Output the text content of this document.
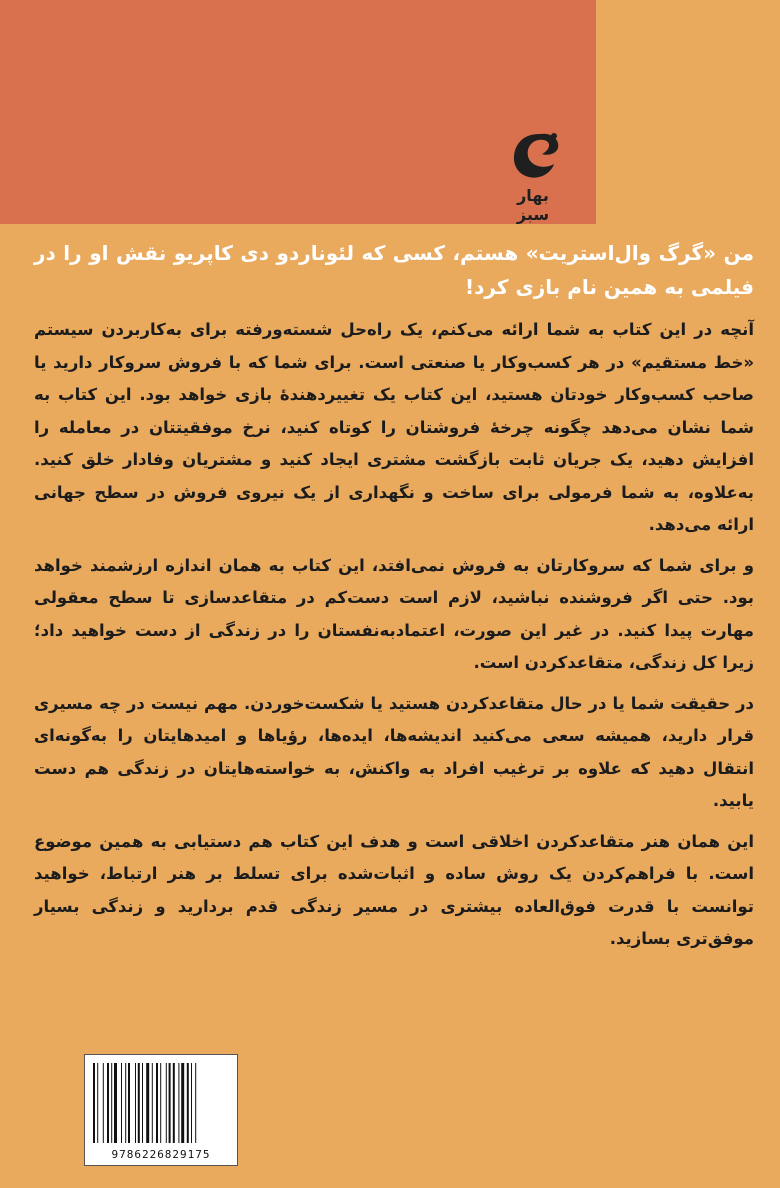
بهار سبز

من «گرگ وال‌استریت» هستم، کسی که لئوناردو دی کاپریو نقش او را در فیلمی به همین نام بازی کرد!

آنچه در این کتاب به شما ارائه می‌کنم، یک راه‌حل شسته‌ورفته برای به‌کاربردن سیستم «خط مستقیم» در هر کسب‌وکار یا صنعتی است. برای شما که با فروش سروکار دارید یا صاحب کسب‌وکار خودتان هستید، این کتاب یک تغییردهندهٔ بازی خواهد بود. این کتاب به شما نشان می‌دهد چگونه چرخهٔ فروشتان را کوتاه کنید، نرخ موفقیتتان در معامله را افزایش دهید، یک جریان ثابت بازگشت مشتری ایجاد کنید و مشتریان وفادار خلق کنید. به‌علاوه، به شما فرمولی برای ساخت و نگهداری از یک نیروی فروش در سطح جهانی ارائه می‌دهد.

و برای شما که سروکارتان به فروش نمی‌افتد، این کتاب به همان اندازه ارزشمند خواهد بود. حتی اگر فروشنده نباشید، لازم است دست‌کم در متقاعدسازی تا سطح معقولی مهارت پیدا کنید. در غیر این صورت، اعتمادبه‌نفستان را در زندگی از دست خواهید داد؛ زیرا کل زندگی، متقاعدکردن است.

در حقیقت شما یا در حال متقاعدکردن هستید یا شکست‌خوردن. مهم نیست در چه مسیری قرار دارید، همیشه سعی می‌کنید اندیشه‌ها، ایده‌ها، رؤیاها و امیدهایتان را به‌گونه‌ای انتقال دهید که علاوه بر ترغیب افراد به واکنش، به خواسته‌هایتان در زندگی هم دست یابید.

این همان هنر متقاعدکردن اخلاقی است و هدف این کتاب هم دستیابی به همین موضوع است. با فراهم‌کردن یک روش ساده و اثبات‌شده برای تسلط بر هنر ارتباط، خواهید توانست با قدرت فوق‌العاده بیشتری در مسیر زندگی قدم بردارید و زندگی بسیار موفق‌تری بسازید.

9786226829175
